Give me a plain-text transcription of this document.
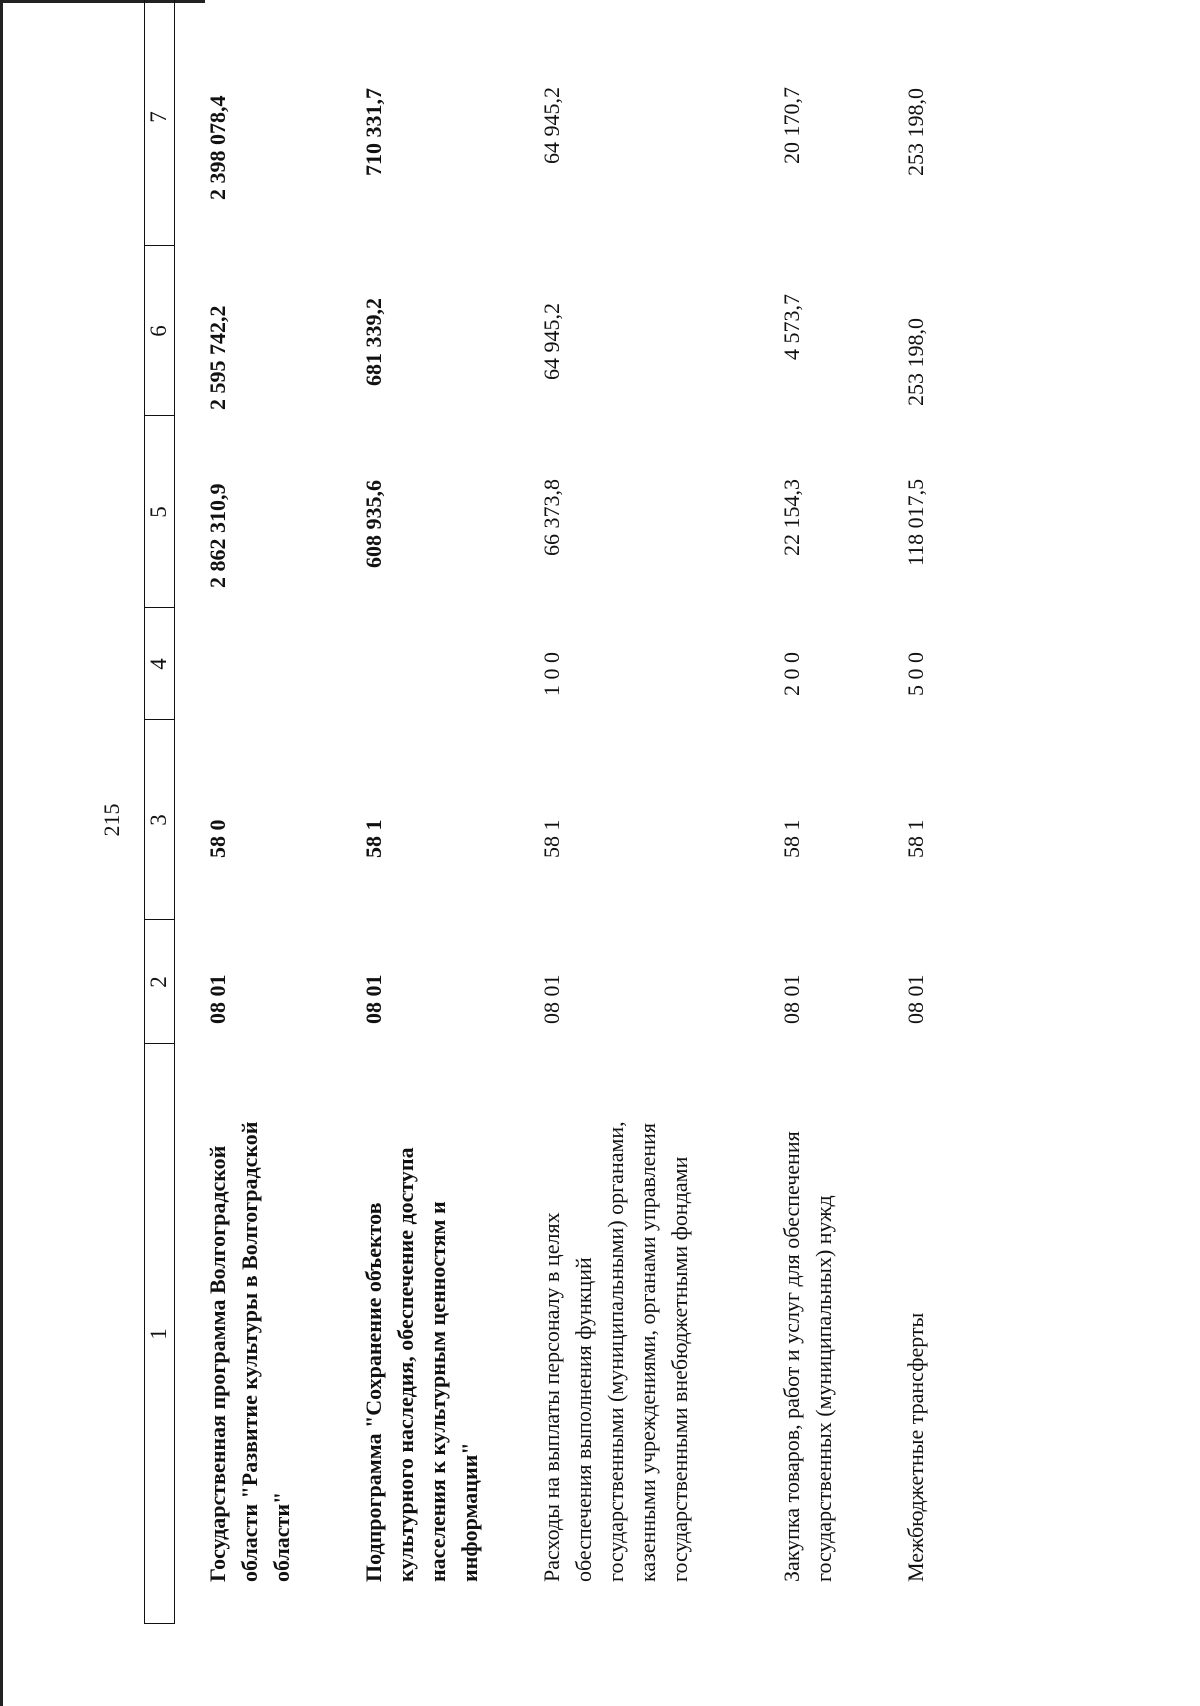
215
1
2
3
4
5
6
7
Государственная программа Волгоградской области "Развитие культуры в Волгоградской области"
08 01
58 0
2 862 310,9
2 595 742,2
2 398 078,4
Подпрограмма "Сохранение объектов культурного наследия, обеспечение доступа населения к культурным ценностям и информации"
08 01
58 1
608 935,6
681 339,2
710 331,7
Расходы на выплаты персоналу в целях обеспечения выполнения функций государственными (муниципальными) органами, казенными учреждениями, органами управления государственными внебюджетными фондами
08 01
58 1
1 0 0
66 373,8
64 945,2
64 945,2
Закупка товаров, работ и услуг для обеспечения государственных (муниципальных) нужд
08 01
58 1
2 0 0
22 154,3
4 573,7
20 170,7
Межбюджетные трансферты
08 01
58 1
5 0 0
118 017,5
253 198,0
253 198,0
